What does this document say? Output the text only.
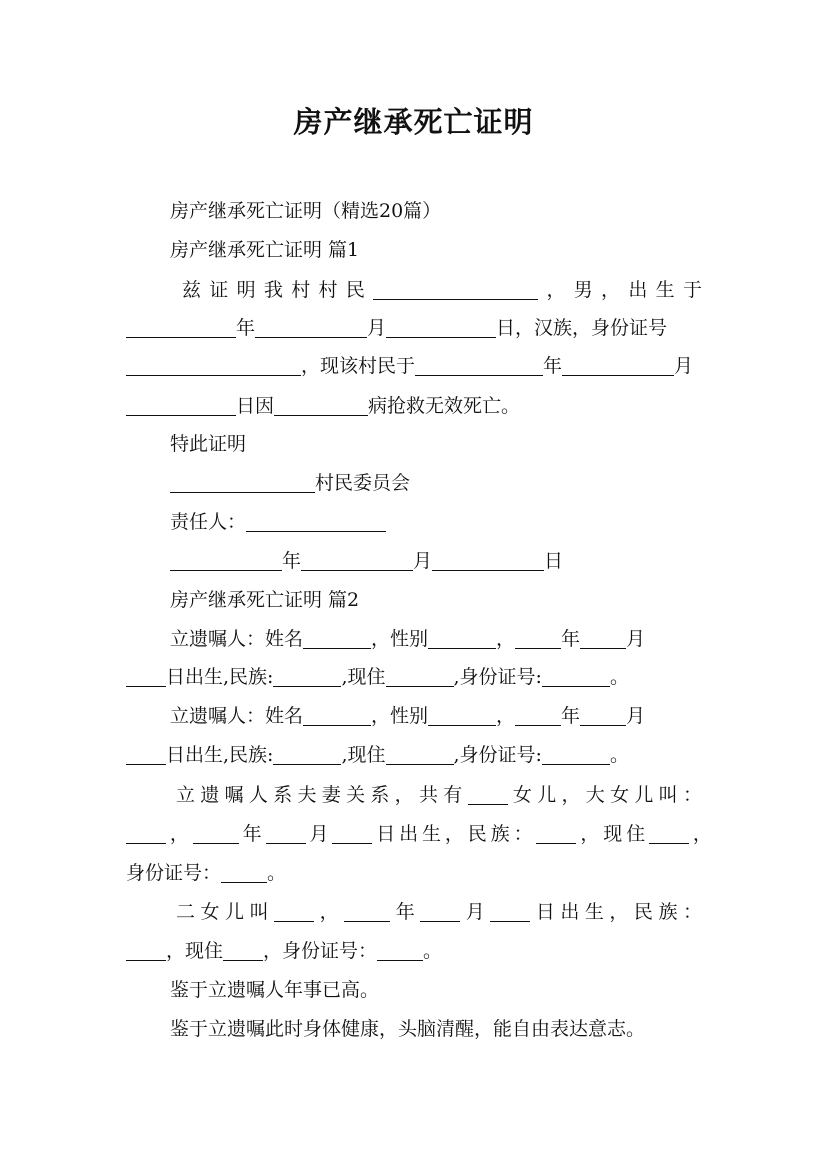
房产继承死亡证明
房产继承死亡证明（精选20篇）
房产继承死亡证明 篇1
兹证明我村村民	，男，出生于
年	月	日，汉族，身份证号
，现该村民于	年	月
日因	病抢救无效死亡。
特此证明
村民委员会
责任人：
年	月	日
房产继承死亡证明 篇2
立遗嘱人：姓名	，性别	， 年 月
日出生,民族:	,现住	,身份证号:	。
立遗嘱人：姓名	，性别	， 年 月
日出生,民族:	,现住	,身份证号:	。
立遗嘱人系夫妻关系，共有 女儿，大女儿叫：
， 年 月 日出生，民族： ，现住 ，
身份证号： 。
二女儿叫 ， 年 月 日出生，民族：
，现住 ，身份证号： 。
鉴于立遗嘱人年事已高。
鉴于立遗嘱此时身体健康，头脑清醒，能自由表达意志。
